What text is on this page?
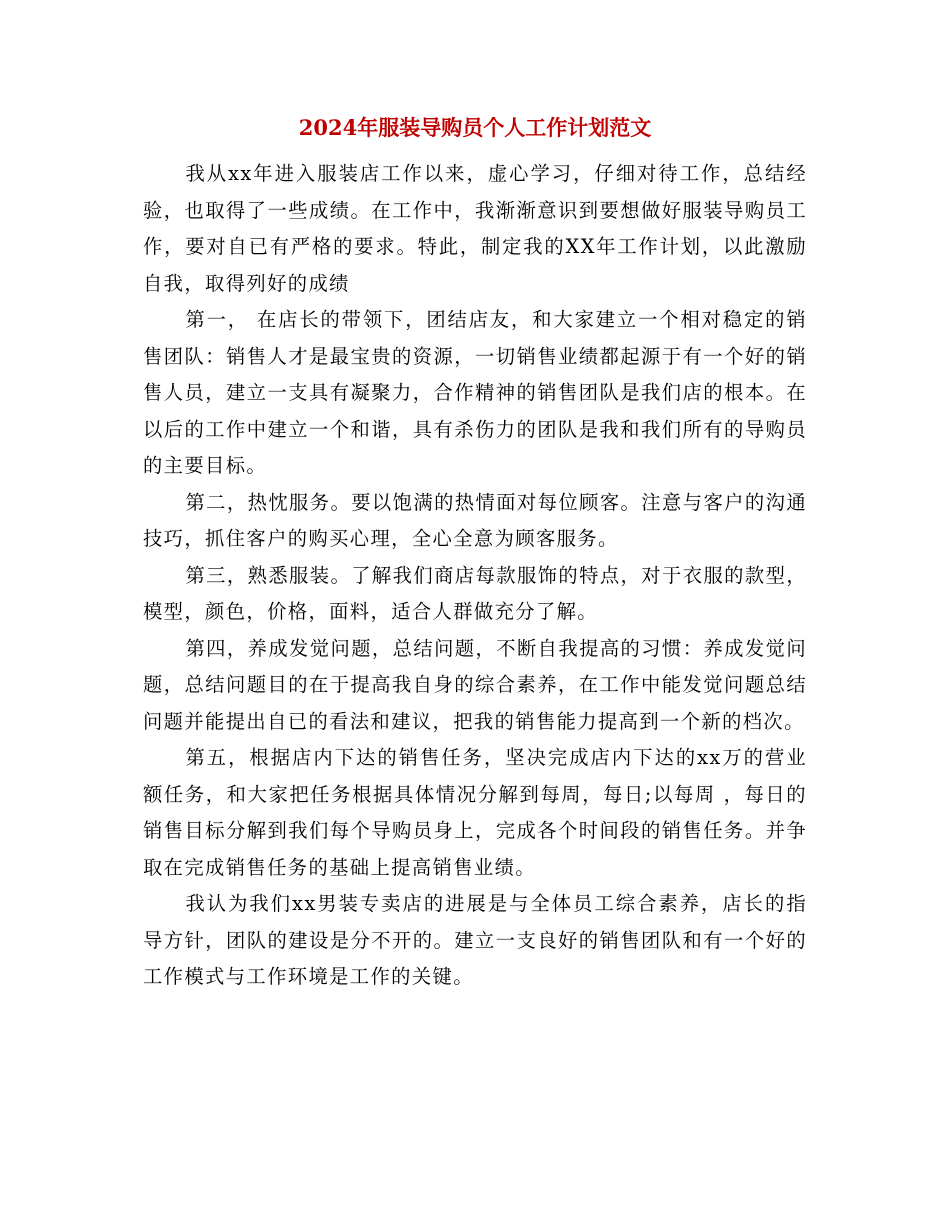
2024年服装导购员个人工作计划范文

我从xx年进入服装店工作以来，虚心学习，仔细对待工作，总结经验，也取得了一些成绩。在工作中，我渐渐意识到要想做好服装导购员工作，要对自已有严格的要求。特此，制定我的XX年工作计划，以此激励自我，取得列好的成绩

第一， 在店长的带领下，团结店友，和大家建立一个相对稳定的销售团队：销售人才是最宝贵的资源，一切销售业绩都起源于有一个好的销售人员，建立一支具有凝聚力，合作精神的销售团队是我们店的根本。在以后的工作中建立一个和谐，具有杀伤力的团队是我和我们所有的导购员的主要目标。

第二，热忱服务。要以饱满的热情面对每位顾客。注意与客户的沟通技巧，抓住客户的购买心理，全心全意为顾客服务。

第三，熟悉服装。了解我们商店每款服饰的特点，对于衣服的款型，模型，颜色，价格，面料，适合人群做充分了解。

第四，养成发觉问题，总结问题，不断自我提高的习惯：养成发觉问题，总结问题目的在于提高我自身的综合素养，在工作中能发觉问题总结问题并能提出自已的看法和建议，把我的销售能力提高到一个新的档次。

第五，根据店内下达的销售任务，坚决完成店内下达的xx万的营业额任务，和大家把任务根据具体情况分解到每周，每日;以每周 ，每日的销售目标分解到我们每个导购员身上，完成各个时间段的销售任务。并争取在完成销售任务的基础上提高销售业绩。

我认为我们xx男装专卖店的进展是与全体员工综合素养，店长的指导方针，团队的建设是分不开的。建立一支良好的销售团队和有一个好的工作模式与工作环境是工作的关键。
